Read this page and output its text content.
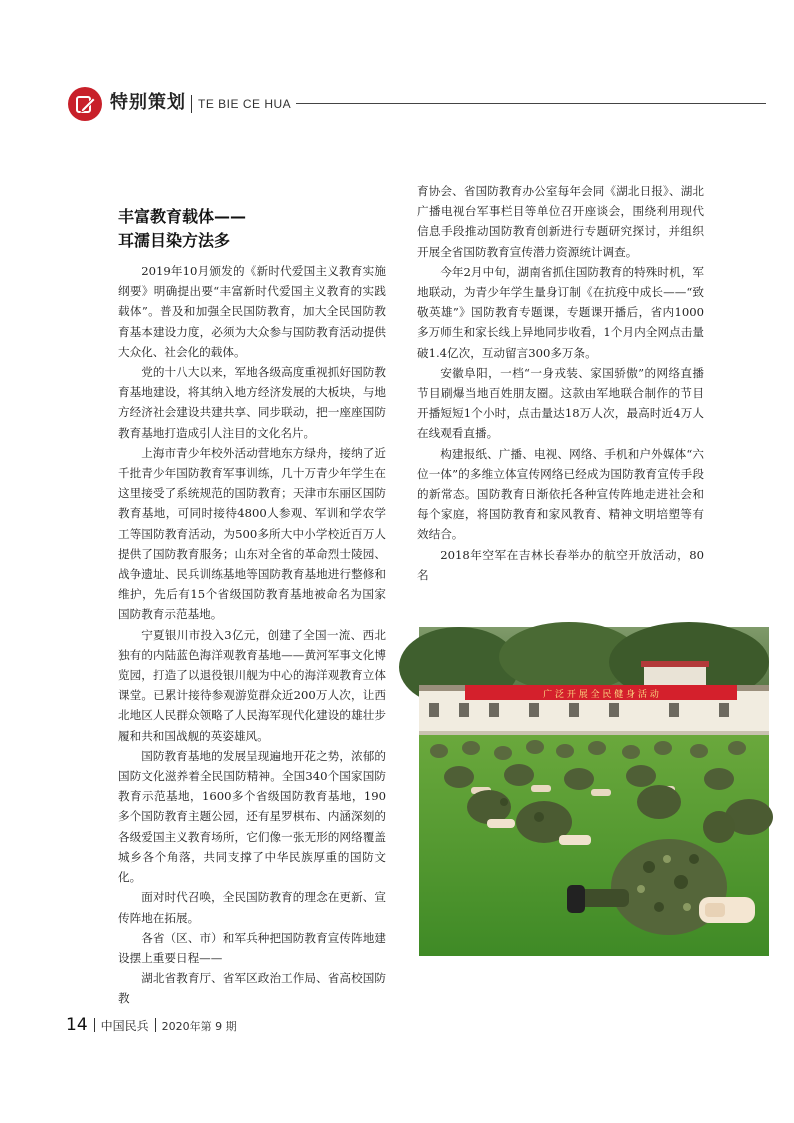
特别策划 TE BIE CE HUA
丰富教育载体——
耳濡目染方法多

2019年10月颁发的《新时代爱国主义教育实施纲要》明确提出要“丰富新时代爱国主义教育的实践载体”。普及和加强全民国防教育，加大全民国防教育基本建设力度，必须为大众参与国防教育活动提供大众化、社会化的载体。

党的十八大以来，军地各级高度重视抓好国防教育基地建设，将其纳入地方经济发展的大板块，与地方经济社会建设共建共享、同步联动，把一座座国防教育基地打造成引人注目的文化名片。

上海市青少年校外活动营地东方绿舟，接纳了近千批青少年国防教育军事训练，几十万青少年学生在这里接受了系统规范的国防教育；天津市东丽区国防教育基地，可同时接待4800人参观、军训和学农学工等国防教育活动，为500多所大中小学校近百万人提供了国防教育服务；山东对全省的革命烈士陵园、战争遗址、民兵训练基地等国防教育基地进行整修和维护，先后有15个省级国防教育基地被命名为国家国防教育示范基地。

宁夏银川市投入3亿元，创建了全国一流、西北独有的内陆蓝色海洋观教育基地——黄河军事文化博览园，打造了以退役银川舰为中心的海洋观教育立体课堂。已累计接待参观游览群众近200万人次，让西北地区人民群众领略了人民海军现代化建设的雄壮步履和共和国战舰的英姿雄风。

国防教育基地的发展呈现遍地开花之势，浓郁的国防文化滋养着全民国防精神。全国340个国家国防教育示范基地，1600多个省级国防教育基地，190多个国防教育主题公园，还有星罗棋布、内涵深刻的各级爱国主义教育场所，它们像一张无形的网络覆盖城乡各个角落，共同支撑了中华民族厚重的国防文化。

面对时代召唤，全民国防教育的理念在更新、宣传阵地在拓展。

各省（区、市）和军兵种把国防教育宣传阵地建设摆上重要日程——

湖北省教育厅、省军区政治工作局、省高校国防教

育协会、省国防教育办公室每年会同《湖北日报》、湖北广播电视台军事栏目等单位召开座谈会，围绕利用现代信息手段推动国防教育创新进行专题研究探讨，并组织开展全省国防教育宣传潜力资源统计调查。

今年2月中旬，湖南省抓住国防教育的特殊时机，军地联动，为青少年学生量身订制《在抗疫中成长——“致敬英雄”》国防教育专题课，专题课开播后，省内1000多万师生和家长线上异地同步收看，1个月内全网点击量破1.4亿次，互动留言300多万条。

安徽阜阳，一档“一身戎装、家国骄傲”的网络直播节目刷爆当地百姓朋友圈。这款由军地联合制作的节目开播短短1个小时，点击量达18万人次，最高时近4万人在线观看直播。

构建报纸、广播、电视、网络、手机和户外媒体“六位一体”的多维立体宣传网络已经成为国防教育宣传手段的新常态。国防教育日渐依托各种宣传阵地走进社会和每个家庭，将国防教育和家风教育、精神文明培塑等有效结合。

2018年空军在吉林长春举办的航空开放活动，80名

广 泛 开 展 全 民 健 身 活 动
14 中国民兵 2020年第 9 期
